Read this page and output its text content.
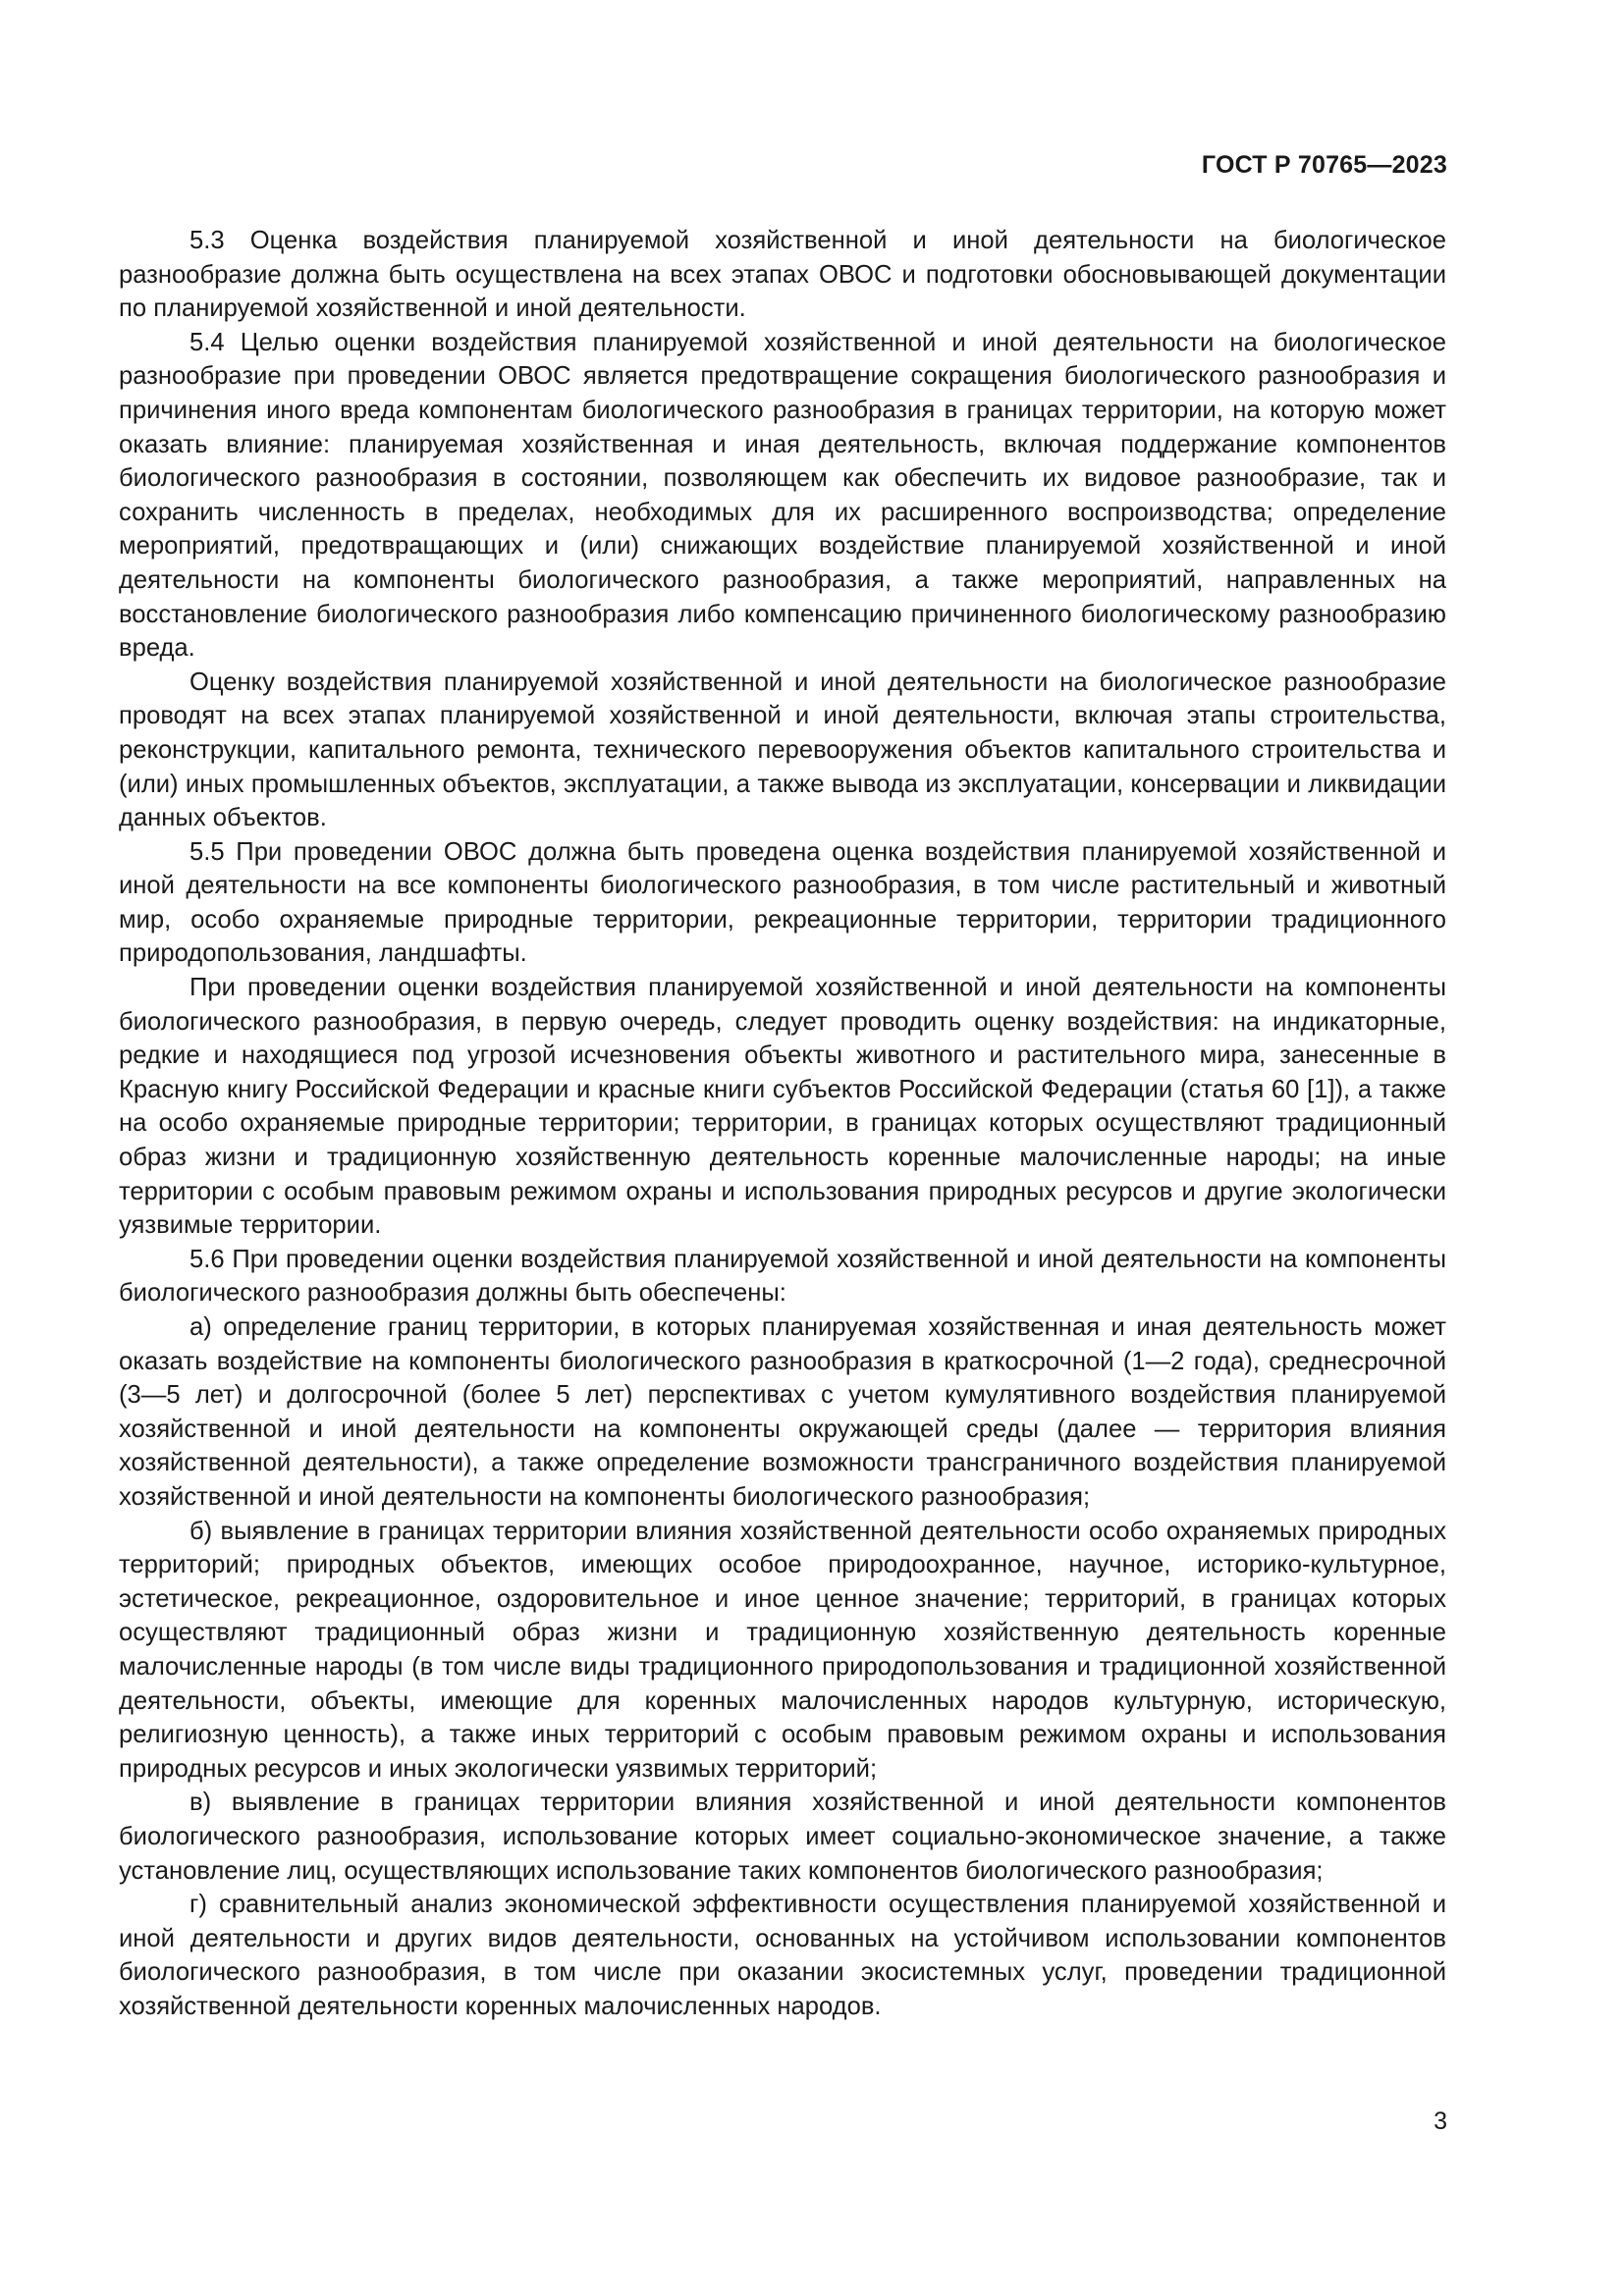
ГОСТ Р 70765—2023

5.3 Оценка воздействия планируемой хозяйственной и иной деятельности на биологическое разнообразие должна быть осуществлена на всех этапах ОВОС и подготовки обосновывающей документации по планируемой хозяйственной и иной деятельности.

5.4 Целью оценки воздействия планируемой хозяйственной и иной деятельности на биологическое разнообразие при проведении ОВОС является предотвращение сокращения биологического разнообразия и причинения иного вреда компонентам биологического разнообразия в границах территории, на которую может оказать влияние: планируемая хозяйственная и иная деятельность, включая поддержание компонентов биологического разнообразия в состоянии, позволяющем как обеспечить их видовое разнообразие, так и сохранить численность в пределах, необходимых для их расширенного воспроизводства; определение мероприятий, предотвращающих и (или) снижающих воздействие планируемой хозяйственной и иной деятельности на компоненты биологического разнообразия, а также мероприятий, направленных на восстановление биологического разнообразия либо компенсацию причиненного биологическому разнообразию вреда.

Оценку воздействия планируемой хозяйственной и иной деятельности на биологическое разнообразие проводят на всех этапах планируемой хозяйственной и иной деятельности, включая этапы строительства, реконструкции, капитального ремонта, технического перевооружения объектов капитального строительства и (или) иных промышленных объектов, эксплуатации, а также вывода из эксплуатации, консервации и ликвидации данных объектов.

5.5 При проведении ОВОС должна быть проведена оценка воздействия планируемой хозяйственной и иной деятельности на все компоненты биологического разнообразия, в том числе растительный и животный мир, особо охраняемые природные территории, рекреационные территории, территории традиционного природопользования, ландшафты.

При проведении оценки воздействия планируемой хозяйственной и иной деятельности на компоненты биологического разнообразия, в первую очередь, следует проводить оценку воздействия: на индикаторные, редкие и находящиеся под угрозой исчезновения объекты животного и растительного мира, занесенные в Красную книгу Российской Федерации и красные книги субъектов Российской Федерации (статья 60 [1]), а также на особо охраняемые природные территории; территории, в границах которых осуществляют традиционный образ жизни и традиционную хозяйственную деятельность коренные малочисленные народы; на иные территории с особым правовым режимом охраны и использования природных ресурсов и другие экологически уязвимые территории.

5.6 При проведении оценки воздействия планируемой хозяйственной и иной деятельности на компоненты биологического разнообразия должны быть обеспечены:

а) определение границ территории, в которых планируемая хозяйственная и иная деятельность может оказать воздействие на компоненты биологического разнообразия в краткосрочной (1—2 года), среднесрочной (3—5 лет) и долгосрочной (более 5 лет) перспективах с учетом кумулятивного воздействия планируемой хозяйственной и иной деятельности на компоненты окружающей среды (далее — территория влияния хозяйственной деятельности), а также определение возможности трансграничного воздействия планируемой хозяйственной и иной деятельности на компоненты биологического разнообразия;

б) выявление в границах территории влияния хозяйственной деятельности особо охраняемых природных территорий; природных объектов, имеющих особое природоохранное, научное, историко-культурное, эстетическое, рекреационное, оздоровительное и иное ценное значение; территорий, в границах которых осуществляют традиционный образ жизни и традиционную хозяйственную деятельность коренные малочисленные народы (в том числе виды традиционного природопользования и традиционной хозяйственной деятельности, объекты, имеющие для коренных малочисленных народов культурную, историческую, религиозную ценность), а также иных территорий с особым правовым режимом охраны и использования природных ресурсов и иных экологически уязвимых территорий;

в) выявление в границах территории влияния хозяйственной и иной деятельности компонентов биологического разнообразия, использование которых имеет социально-экономическое значение, а также установление лиц, осуществляющих использование таких компонентов биологического разнообразия;

г) сравнительный анализ экономической эффективности осуществления планируемой хозяйственной и иной деятельности и других видов деятельности, основанных на устойчивом использовании компонентов биологического разнообразия, в том числе при оказании экосистемных услуг, проведении традиционной хозяйственной деятельности коренных малочисленных народов.

3
